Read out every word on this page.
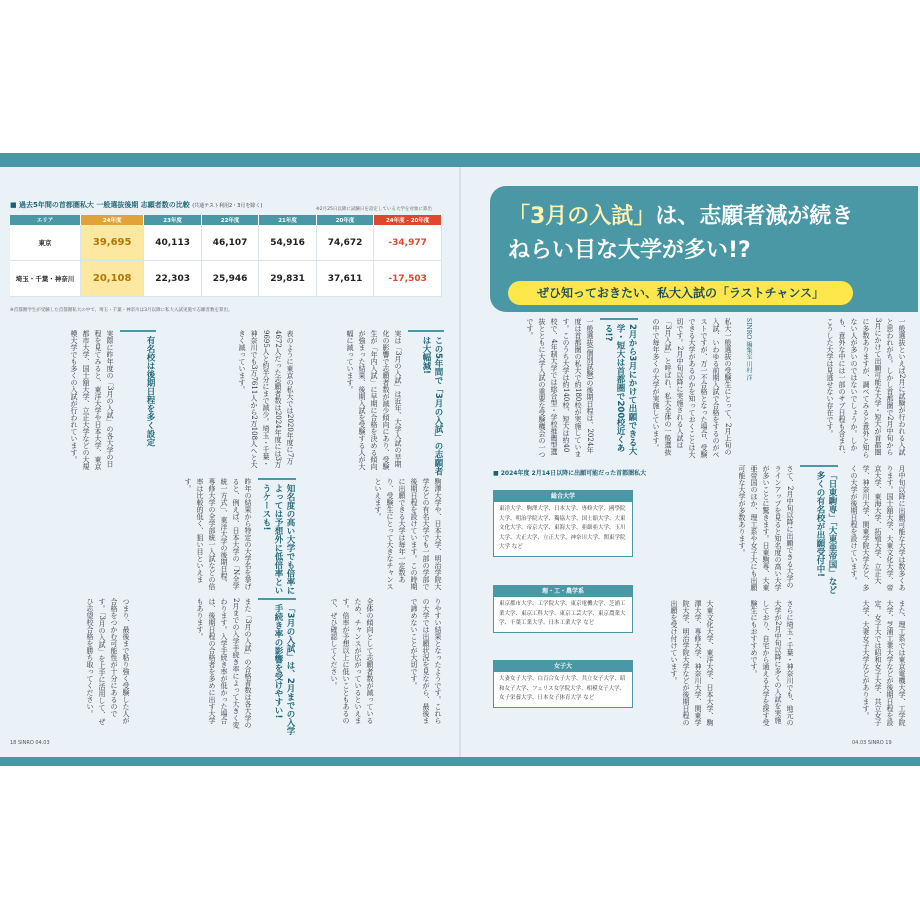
■ 過去5年間の首都圏私大 一般選抜後期 志願者数の比較 (共通テスト利用2・3月を除く)
※2月25日以降に試験日を設定している大学を対象に算出
エリア	24年度	23年度	22年度	21年度	20年度	24年度 - 20年度
東京	39,695	40,113	46,107	54,916	74,672	-34,977
埼玉・千葉・神奈川	20,108	22,303	25,946	29,831	37,611	-17,503
※首都圏学生が受験した首都圏私大の中で、埼玉・千葉・神奈川は3月以降に私大入試実施で志願者数を算出。
この5年間で「3月の入試」の志願者は大幅減!
実は「3月の入試」は近年、大学入試の早期化の影響で志願者数が減少傾向にあり、受験生が「年内入試」に早期に合格を決める傾向が強まった結果、後期入試を受験する人が大幅に減っています。
表のように東京の私大では2020年度に7万4672人だった志願者数は2024年度には3万9695人と約半分にまで減少。埼玉・千葉・神奈川でも3万7611人から2万108人へと大きく減っています。
有名校は後期日程を多く設定
実際に昨年度の「3月の入試」の各大学の日程を見てみると、東洋大学や日本大学、東京都市大学、国士舘大学、立正大学などの大規模大学でも多くの入試が行われています。
駒澤大学や、日本大学、明治学院大学などの有名大学でも一部の学部で後期日程を設けています。この時期に出願できる大学は毎年一定数あり、受験生にとって大きなチャンスといえます。
知名度の高い大学でも倍率によっては予想外に低倍率というケースも!
昨年の結果から特定の大学名を挙げると、例えば、日本大学の「N全学統一方式」、東洋大学の後期日程、専修大学の全学部統一入試などの倍率は比較的低く、狙い目といえます。
りやすい結果となったようです。これらの大学では出願状況を見ながら、最後まで諦めないことが大切です。
全体の傾向として志願者数が減っているため、チャンスが広がっているといえます。倍率が予想以上に低いこともあるので、ぜひ確認してください。
「3月の入試」は、2月までの入学手続き率の影響を受けやすい!
また「3月の入試」の合格者数は各大学の2月までの入学手続き率によって大きく変わります。入学手続き率が低かった場合は、後期日程の合格者を多めに出す大学もあります。
つまり、最後まで粘り強く受験した人が合格をつかむ可能性が十分にあるのです。「3月の入試」を上手に活用して、ぜひ志望校合格を勝ち取ってください。
「3月の入試」は、志願者減が続き
ねらい目な大学が多い!?
ぜひ知っておきたい、私大入試の「ラストチャンス」
一般選抜といえば2月に試験が行われる入試と思われがち。しかし首都圏で2月中旬から3月にかけて出願可能な大学・短大が首都圏に多数ありますが、調べてみると意外と知らない人が多いのではないでしょうか。しかも、意外な中には一部のサブ日程も含まれ、こうした大学は見逃せない存在です。
SINRO 編集室 川村 洋
私大一般選抜の受験生にとって、2月上旬の入試、いわゆる前期入試で合格をするのがベストですが、万一不合格となった場合、受験できる大学があるのかを知っておくことは大切です。2月中旬以降に実施される入試は「3月入試」と呼ばれ、私大全体の一般選抜の中で毎年多くの大学が実施しています。
2月から3月にかけて出願できる大学・短大は首都圏で200校近くある!?
一般選抜(個別試験)の後期日程は、2024年度は首都圏の私大で約180校が実施しています。このうち大学は約140校、短大は約40校で、4年制大学では総合型・学校推薦型選抜とともに大学入試の重要な受験機会の一つです。
月中旬以降に出願可能な大学は数多くあります。国士舘大学、大東文化大学、帝京大学、東海大学、拓殖大学、立正大学、神奈川大学、関東学院大学など、多くの大学が後期日程を設けています。
「日東駒専」「大東亜帝国」など多くの有名校が出願受付中!
さて、2月中旬以降に出願できる大学のラインアップを見ると知名度の高い大学が多いことに驚きます。日東駒専、大東亜帝国のほか、理工系や女子大にも出願可能な大学が多数あります。
また、理工系では東京電機大学、工学院大学、芝浦工業大学などが後期日程を設定。女子大では昭和女子大学、共立女子大学、大妻女子大学などがあります。
さらに埼玉・千葉・神奈川でも、地元の大学が2月中旬以降に多くの入試を実施しており、自宅から通える大学を探す受験生にもおすすめです。
大東文化大学、東洋大学、日本大学、駒澤大学、専修大学、神奈川大学、関東学院大学、明治学院大学などが後期日程の出願を受け付けています。
■ 2024年度 2月14日以降に出願可能だった首都圏私大
総合大学
東洋大学、駒澤大学、日本大学、専修大学、國學院大学、明治学院大学、獨協大学、国士舘大学、大東文化大学、帝京大学、東海大学、亜細亜大学、玉川大学、大正大学、立正大学、神奈川大学、関東学院大学 など
理・工・農学系
東京都市大学、工学院大学、東京電機大学、芝浦工業大学、東京工科大学、東京工芸大学、東京農業大学、千葉工業大学、日本工業大学 など
女子大
大妻女子大学、白百合女子大学、共立女子大学、昭和女子大学、フェリス女学院大学、相模女子大学、女子栄養大学、日本女子体育大学 など
18 SINRO 04.03	04.03 SINRO 19
